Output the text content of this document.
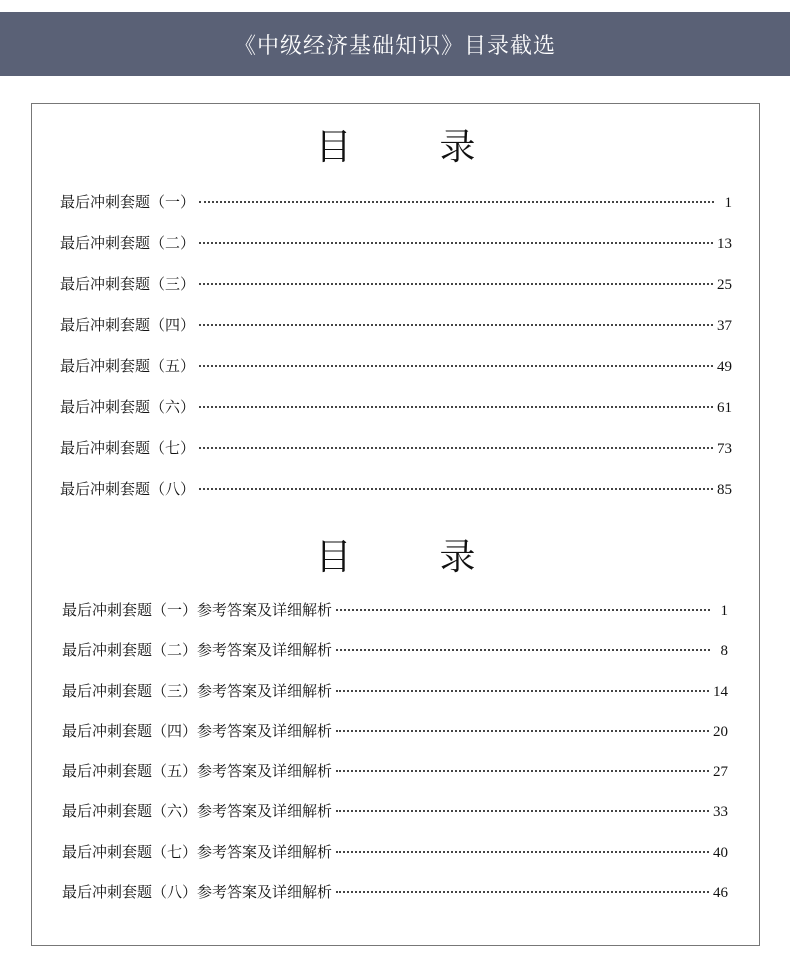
《中级经济基础知识》目录截选
目 录
最后冲刺套题（一）	1
最后冲刺套题（二）	13
最后冲刺套题（三）	25
最后冲刺套题（四）	37
最后冲刺套题（五）	49
最后冲刺套题（六）	61
最后冲刺套题（七）	73
最后冲刺套题（八）	85
目 录
最后冲刺套题（一）参考答案及详细解析	1
最后冲刺套题（二）参考答案及详细解析	8
最后冲刺套题（三）参考答案及详细解析	14
最后冲刺套题（四）参考答案及详细解析	20
最后冲刺套题（五）参考答案及详细解析	27
最后冲刺套题（六）参考答案及详细解析	33
最后冲刺套题（七）参考答案及详细解析	40
最后冲刺套题（八）参考答案及详细解析	46
